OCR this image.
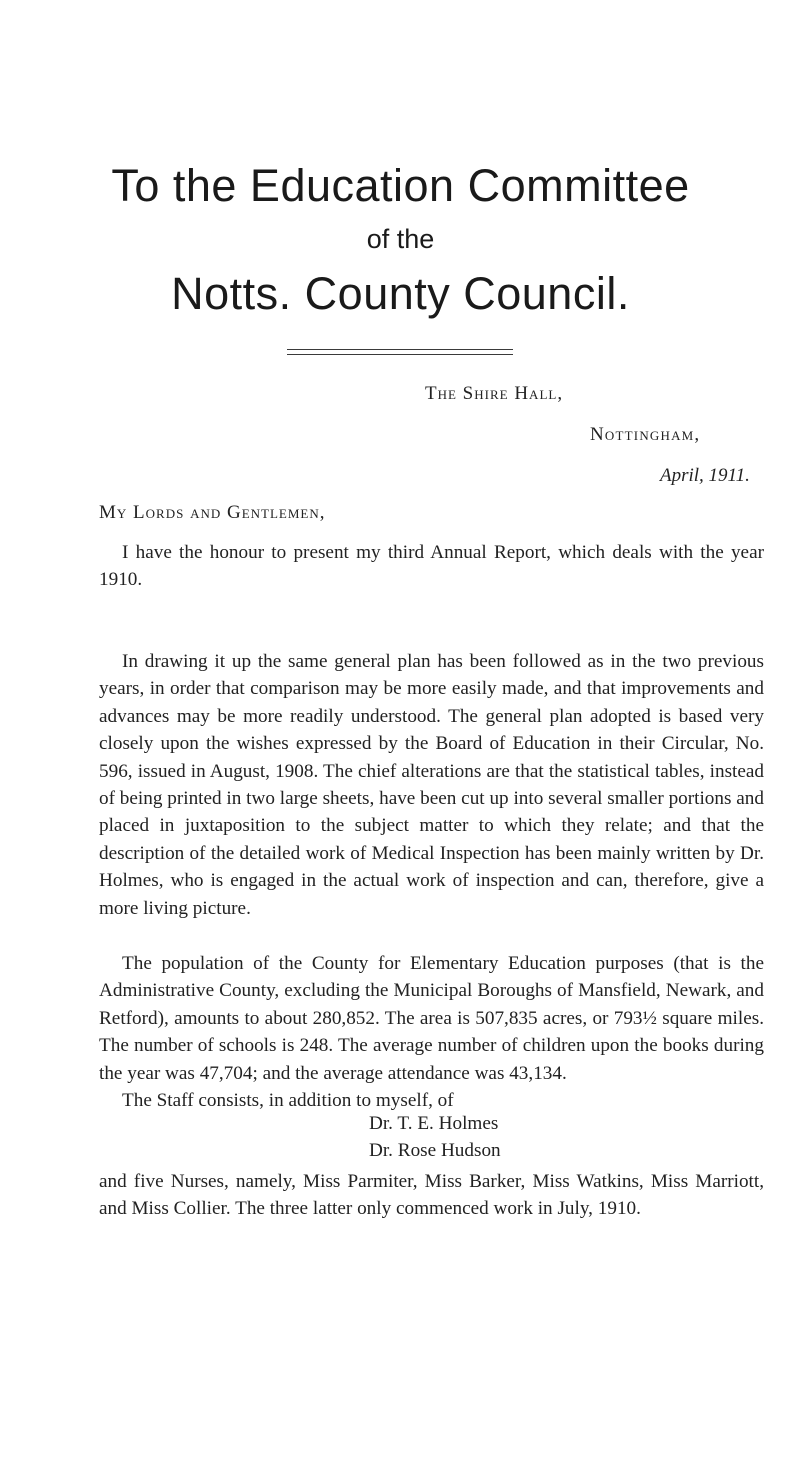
To the Education Committee
of the
Notts. County Council.
The Shire Hall,
Nottingham,
April, 1911.
My Lords and Gentlemen,

I have the honour to present my third Annual Report, which deals with the year 1910.

In drawing it up the same general plan has been followed as in the two previous years, in order that comparison may be more easily made, and that improvements and advances may be more readily understood. The general plan adopted is based very closely upon the wishes expressed by the Board of Education in their Circular, No. 596, issued in August, 1908. The chief alterations are that the statistical tables, instead of being printed in two large sheets, have been cut up into several smaller portions and placed in juxtaposition to the subject matter to which they relate; and that the description of the detailed work of Medical Inspection has been mainly written by Dr. Holmes, who is engaged in the actual work of inspection and can, therefore, give a more living picture.

The population of the County for Elementary Education purposes (that is the Administrative County, excluding the Municipal Boroughs of Mansfield, Newark, and Retford), amounts to about 280,852. The area is 507,835 acres, or 793½ square miles. The number of schools is 248. The average number of children upon the books during the year was 47,704; and the average attendance was 43,134.

The Staff consists, in addition to myself, of

Dr. T. E. Holmes
Dr. Rose Hudson

and five Nurses, namely, Miss Parmiter, Miss Barker, Miss Watkins, Miss Marriott, and Miss Collier. The three latter only commenced work in July, 1910.
